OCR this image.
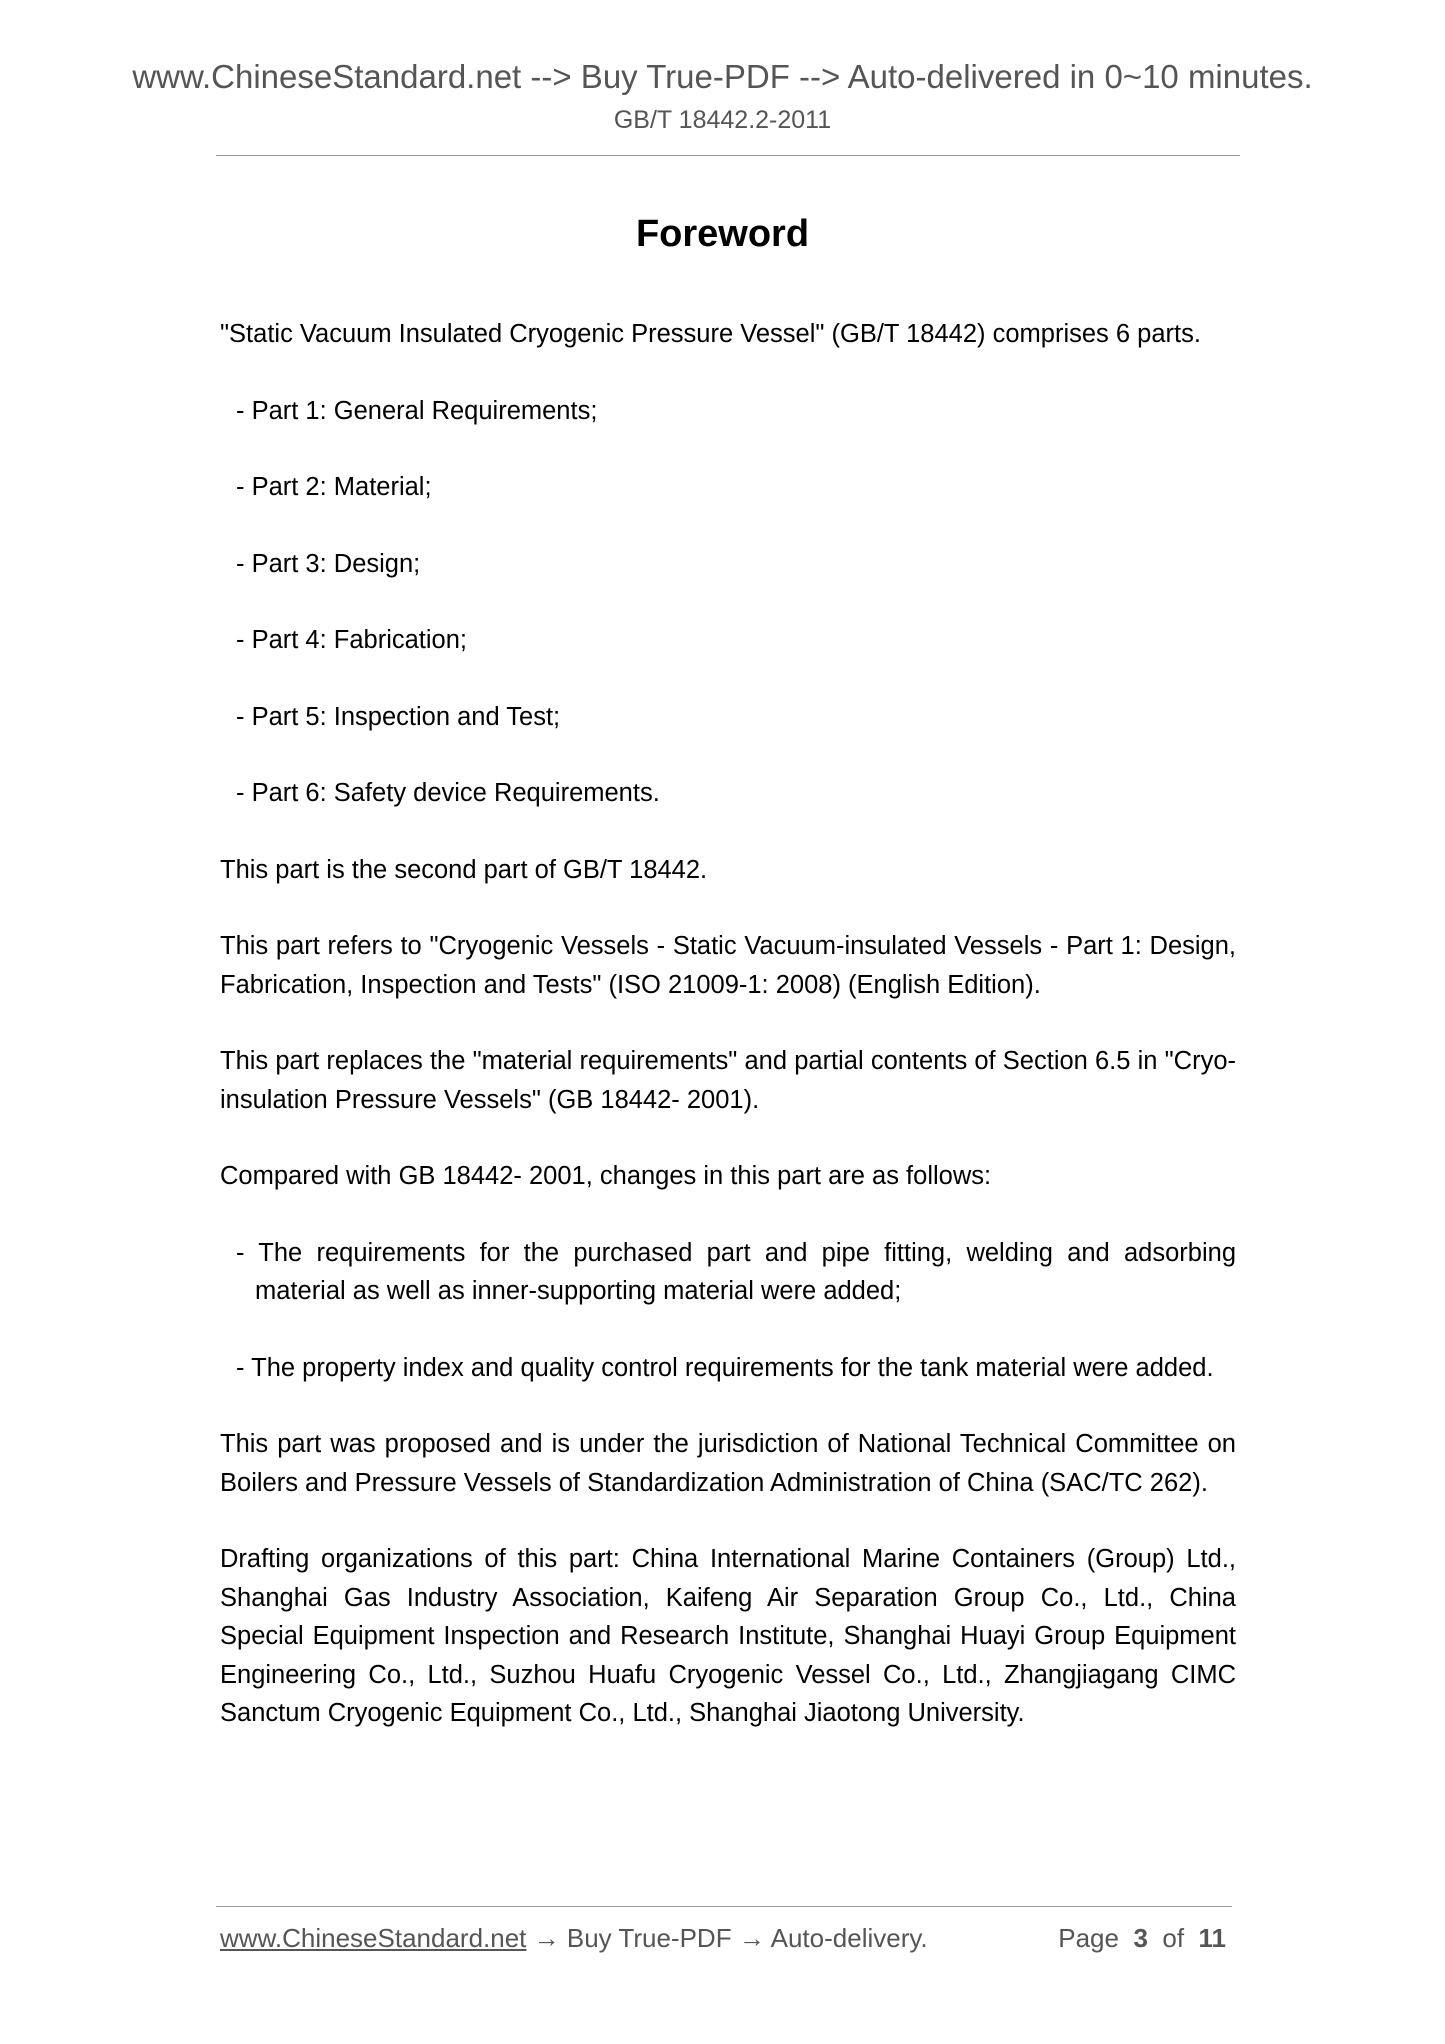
www.ChineseStandard.net --> Buy True-PDF --> Auto-delivered in 0~10 minutes.
GB/T 18442.2-2011
Foreword

"Static Vacuum Insulated Cryogenic Pressure Vessel" (GB/T 18442) comprises 6 parts.

- Part 1: General Requirements;
- Part 2: Material;
- Part 3: Design;
- Part 4: Fabrication;
- Part 5: Inspection and Test;
- Part 6: Safety device Requirements.

This part is the second part of GB/T 18442.

This part refers to "Cryogenic Vessels - Static Vacuum-insulated Vessels - Part 1: Design, Fabrication, Inspection and Tests" (ISO 21009-1: 2008) (English Edition).

This part replaces the "material requirements" and partial contents of Section 6.5 in "Cryo-insulation Pressure Vessels" (GB 18442- 2001).

Compared with GB 18442- 2001, changes in this part are as follows:

- The requirements for the purchased part and pipe fitting, welding and adsorbing material as well as inner-supporting material were added;
- The property index and quality control requirements for the tank material were added.

This part was proposed and is under the jurisdiction of National Technical Committee on Boilers and Pressure Vessels of Standardization Administration of China (SAC/TC 262).

Drafting organizations of this part: China International Marine Containers (Group) Ltd., Shanghai Gas Industry Association, Kaifeng Air Separation Group Co., Ltd., China Special Equipment Inspection and Research Institute, Shanghai Huayi Group Equipment Engineering Co., Ltd., Suzhou Huafu Cryogenic Vessel Co., Ltd., Zhangjiagang CIMC Sanctum Cryogenic Equipment Co., Ltd., Shanghai Jiaotong University.

www.ChineseStandard.net → Buy True-PDF → Auto-delivery.	Page 3 of 11
